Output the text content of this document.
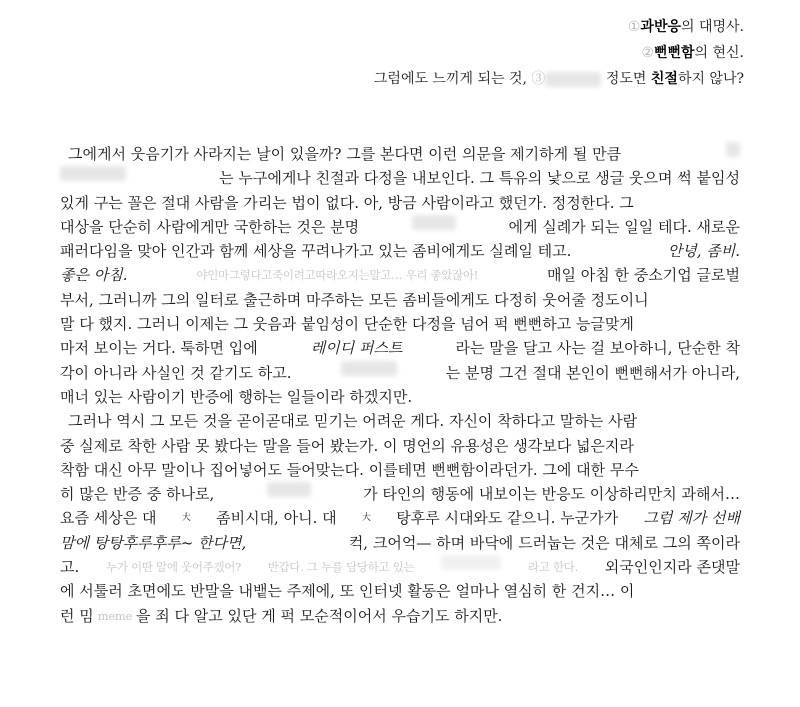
①과반응의 대명사.
②뻔뻔함의 현신.
그럼에도 느끼게 되는 것, ③	정도면 친절하지 않나?
그에게서 웃음기가 사라지는 날이 있을까? 그를 본다면 이런 의문을 제기하게 될 만큼
는 누구에게나 친절과 다정을 내보인다. 그 특유의 낯으로 생글 웃으며 썩 붙임성
있게 구는 꼴은 절대 사람을 가리는 법이 없다. 아, 방금 사람이라고 했던가. 정정한다. 그
대상을 단순히 사람에게만 국한하는 것은 분명	에게 실례가 되는 일일 테다. 새로운
패러다임을 맞아 인간과 함께 세상을 꾸려나가고 있는 좀비에게도 실례일 테고.	안녕, 좀비.
좋은 아침.	야인마그렇다고죽이려고따라오지는말고… 우리 좋았잖아!	매일 아침 한 중소기업 글로벌
부서, 그러니까 그의 일터로 출근하며 마주하는 모든 좀비들에게도 다정히 웃어줄 정도이니
말 다 했지. 그러니 이제는 그 웃음과 붙임성이 단순한 다정을 넘어 퍽 뻔뻔하고 능글맞게
마저 보이는 거다. 툭하면 입에	레이디 퍼스트	라는 말을 달고 사는 걸 보아하니, 단순한 착
각이 아니라 사실인 것 같기도 하고.	는 분명 그건 절대 본인이 뻔뻔해서가 아니라,
매너 있는 사람이기 반증에 행하는 일들이라 하겠지만.
그러나 역시 그 모든 것을 곧이곧대로 믿기는 어려운 게다. 자신이 착하다고 말하는 사람
중 실제로 착한 사람 못 봤다는 말을 들어 봤는가. 이 명언의 유용성은 생각보다 넓은지라
착함 대신 아무 말이나 집어넣어도 들어맞는다. 이를테면 뻔뻔함이라던가. 그에 대한 무수
히 많은 반증 중 하나로,	가 타인의 행동에 내보이는 반응도 이상하리만치 과해서…
요즘 세상은 대	大 좀비시대, 아니. 대	大 탕후루 시대와도 같으니. 누군가가 그럼 제가 선배
맘에 탕탕후루후루~ 한다면,	컥, 크어억— 하며 바닥에 드러눕는 것은 대체로 그의 쪽이라
고. 누가 이딴 말에 웃어주겠어? 반갑다. 그 누를 담당하고 있는	라고 한다. 외국인인지라 존댓말
에 서툴러 초면에도 반말을 내뱉는 주제에, 또 인터넷 활동은 얼마나 열심히 한 건지… 이
런 밈 meme 을 죄 다 알고 있단 게 퍽 모순적이어서 우습기도 하지만.
